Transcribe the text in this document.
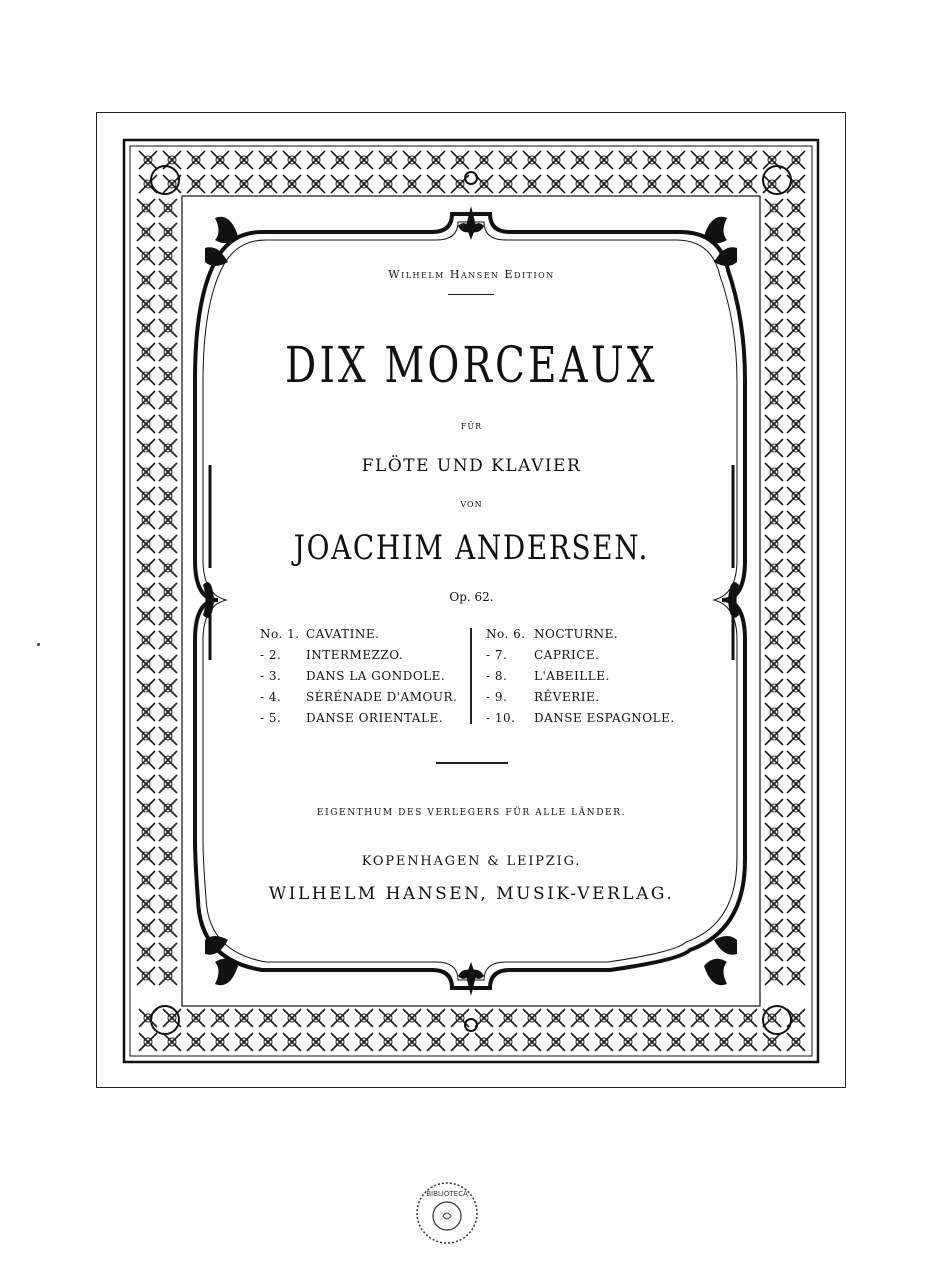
Wilhelm Hansen Edition
DIX MORCEAUX
FÜR
FLÖTE UND KLAVIER
VON
JOACHIM ANDERSEN.
Op. 62.
No. 1. CAVATINE.
- 2.	INTERMEZZO.
- 3.	DANS LA GONDOLE.
- 4.	SÉRÉNADE D'AMOUR.
- 5.	DANSE ORIENTALE.
No. 6. NOCTURNE.
- 7.	CAPRICE.
- 8.	L'ABEILLE.
- 9.	RÊVERIE.
- 10.	DANSE ESPAGNOLE.
EIGENTHUM DES VERLEGERS FÜR ALLE LÄNDER.
KOPENHAGEN & LEIPZIG.
WILHELM HANSEN, MUSIK-VERLAG.
BIBLIOTECA
